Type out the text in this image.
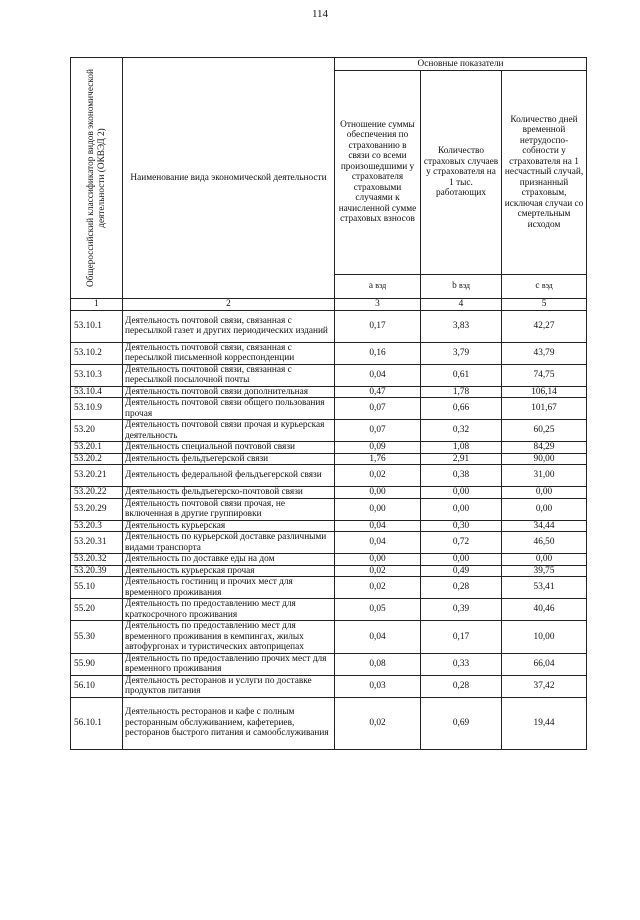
114
Общероссийский классификатор видов экономической деятельности (ОКВЭД 2)	Наименование вида экономической деятельности	Основные показатели		
		Отношение суммы обеспечения по страхованию в связи со всеми произошедшими у страхователя страховыми случаями к начисленной сумме страховых взносов	Количество страховых случаев у страхователя на 1 тыс. работающих	Количество дней временной нетрудоспо-собности у страхователя на 1 несчастный случай, признанный страховым, исключая случаи со смертельным исходом
		a вэд	b вэд	c вэд
1	2	3	4	5
53.10.1	Деятельность почтовой связи, связанная с пересылкой газет и других периодических изданий	0,17	3,83	42,27
53.10.2	Деятельность почтовой связи, связанная с пересылкой письменной корреспонденции	0,16	3,79	43,79
53.10.3	Деятельность почтовой связи, связанная с пересылкой посылочной почты	0,04	0,61	74,75
53.10.4	Деятельность почтовой связи дополнительная	0,47	1,78	106,14
53.10.9	Деятельность почтовой связи общего пользования прочая	0,07	0,66	101,67
53.20	Деятельность почтовой связи прочая и курьерская деятельность	0,07	0,32	60,25
53.20.1	Деятельность специальной почтовой связи	0,09	1,08	84,29
53.20.2	Деятельность фельдъегерской связи	1,76	2,91	90,00
53.20.21	Деятельность федеральной фельдъегерской связи	0,02	0,38	31,00
53.20.22	Деятельность фельдъегерско-почтовой связи	0,00	0,00	0,00
53.20.29	Деятельность почтовой связи прочая, не включенная в другие группировки	0,00	0,00	0,00
53.20.3	Деятельность курьерская	0,04	0,30	34,44
53.20.31	Деятельность по курьерской доставке различными видами транспорта	0,04	0,72	46,50
53.20.32	Деятельность по доставке еды на дом	0,00	0,00	0,00
53.20.39	Деятельность курьерская прочая	0,02	0,49	39,75
55.10	Деятельность гостиниц и прочих мест для временного проживания	0,02	0,28	53,41
55.20	Деятельность по предоставлению мест для краткосрочного проживания	0,05	0,39	40,46
55.30	Деятельность по предоставлению мест для временного проживания в кемпингах, жилых автофургонах и туристических автоприцепах	0,04	0,17	10,00
55.90	Деятельность по предоставлению прочих мест для временного проживания	0,08	0,33	66,04
56.10	Деятельность ресторанов и услуги по доставке продуктов питания	0,03	0,28	37,42
56.10.1	Деятельность ресторанов и кафе с полным ресторанным обслуживанием, кафетериев, ресторанов быстрого питания и самообслуживания	0,02	0,69	19,44
